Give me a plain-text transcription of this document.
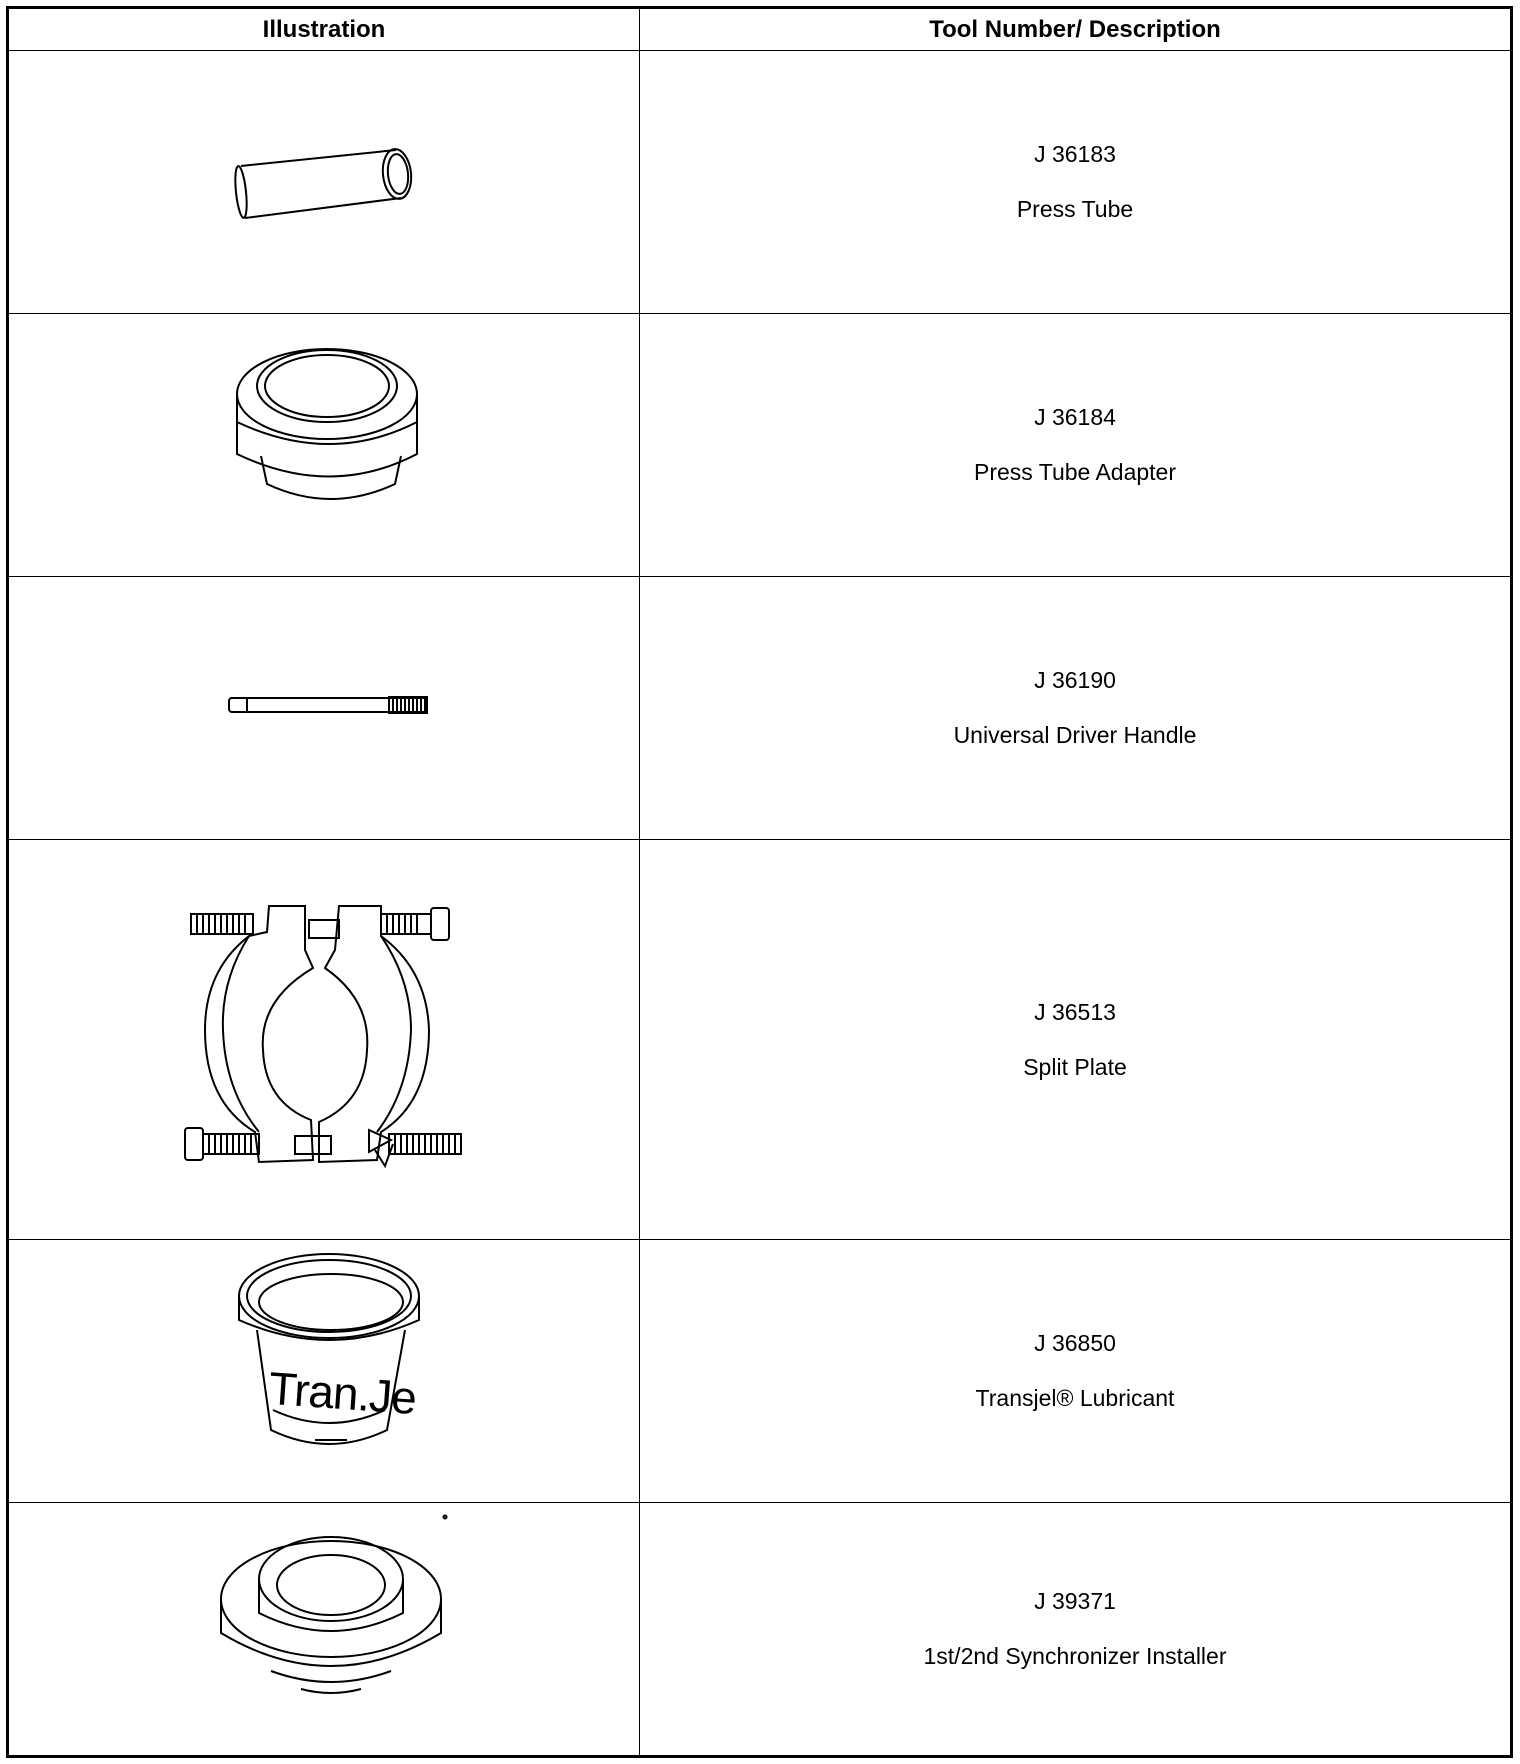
Illustration	Tool Number/ Description

J 36183

Press Tube

J 36184

Press Tube Adapter

J 36190

Universal Driver Handle

J 36513

Split Plate

Tran.Je

J 36850

Transjel® Lubricant

J 39371

1st/2nd Synchronizer Installer
